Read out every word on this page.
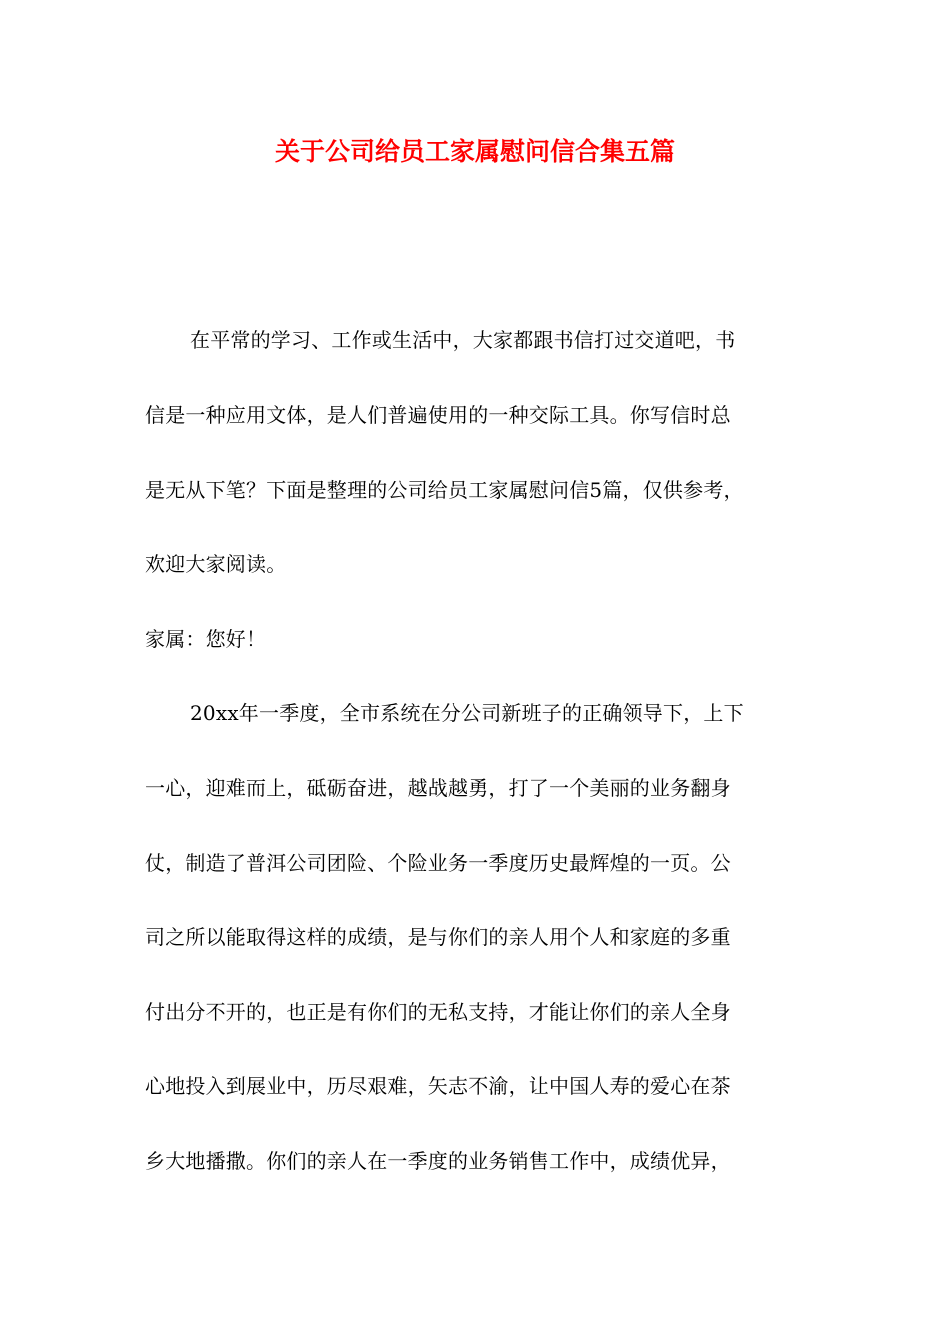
关于公司给员工家属慰问信合集五篇
在平常的学习、工作或生活中，大家都跟书信打过交道吧，书
信是一种应用文体，是人们普遍使用的一种交际工具。你写信时总
是无从下笔？下面是整理的公司给员工家属慰问信5篇，仅供参考，
欢迎大家阅读。
家属：您好！
20xx年一季度，全市系统在分公司新班子的正确领导下，上下
一心，迎难而上，砥砺奋进，越战越勇，打了一个美丽的业务翻身
仗，制造了普洱公司团险、个险业务一季度历史最辉煌的一页。公
司之所以能取得这样的成绩，是与你们的亲人用个人和家庭的多重
付出分不开的，也正是有你们的无私支持，才能让你们的亲人全身
心地投入到展业中，历尽艰难，矢志不渝，让中国人寿的爱心在茶
乡大地播撒。你们的亲人在一季度的业务销售工作中，成绩优异，
